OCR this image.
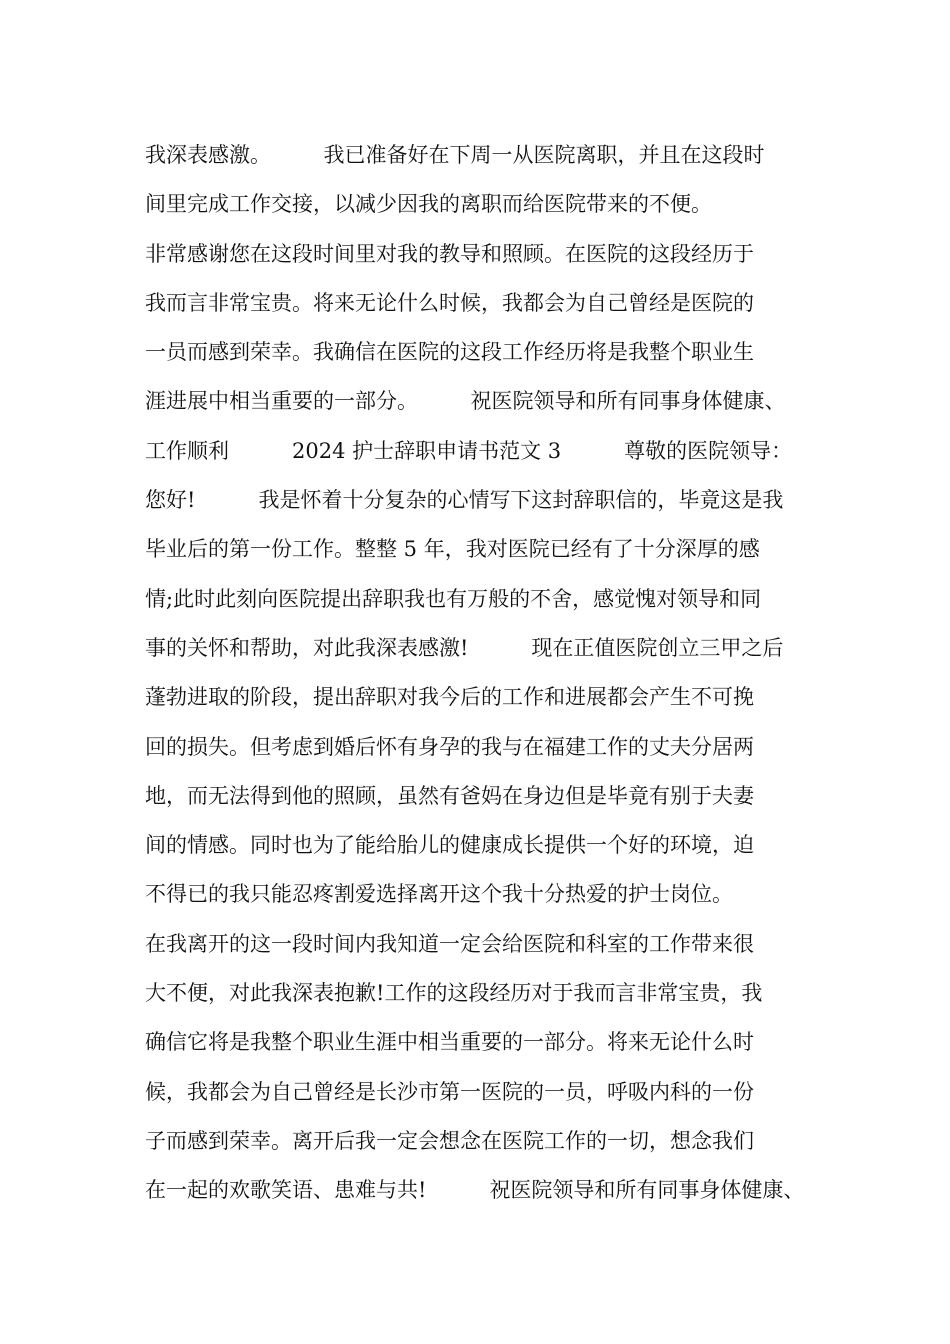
我深表感激。　　　我已准备好在下周一从医院离职，并且在这段时
间里完成工作交接，以减少因我的离职而给医院带来的不便。
非常感谢您在这段时间里对我的教导和照顾。在医院的这段经历于
我而言非常宝贵。将来无论什么时候，我都会为自己曾经是医院的
一员而感到荣幸。我确信在医院的这段工作经历将是我整个职业生
涯进展中相当重要的一部分。　　　祝医院领导和所有同事身体健康、
工作顺利　　　2024 护士辞职申请书范文 3　　　尊敬的医院领导：
您好!　　　我是怀着十分复杂的心情写下这封辞职信的，毕竟这是我
毕业后的第一份工作。整整 5 年，我对医院已经有了十分深厚的感
情;此时此刻向医院提出辞职我也有万般的不舍，感觉愧对领导和同
事的关怀和帮助，对此我深表感激!　　　现在正值医院创立三甲之后
蓬勃进取的阶段，提出辞职对我今后的工作和进展都会产生不可挽
回的损失。但考虑到婚后怀有身孕的我与在福建工作的丈夫分居两
地，而无法得到他的照顾，虽然有爸妈在身边但是毕竟有别于夫妻
间的情感。同时也为了能给胎儿的健康成长提供一个好的环境，迫
不得已的我只能忍疼割爱选择离开这个我十分热爱的护士岗位。
在我离开的这一段时间内我知道一定会给医院和科室的工作带来很
大不便，对此我深表抱歉!工作的这段经历对于我而言非常宝贵，我
确信它将是我整个职业生涯中相当重要的一部分。将来无论什么时
候，我都会为自己曾经是长沙市第一医院的一员，呼吸内科的一份
子而感到荣幸。离开后我一定会想念在医院工作的一切，想念我们
在一起的欢歌笑语、患难与共!　　　祝医院领导和所有同事身体健康、
